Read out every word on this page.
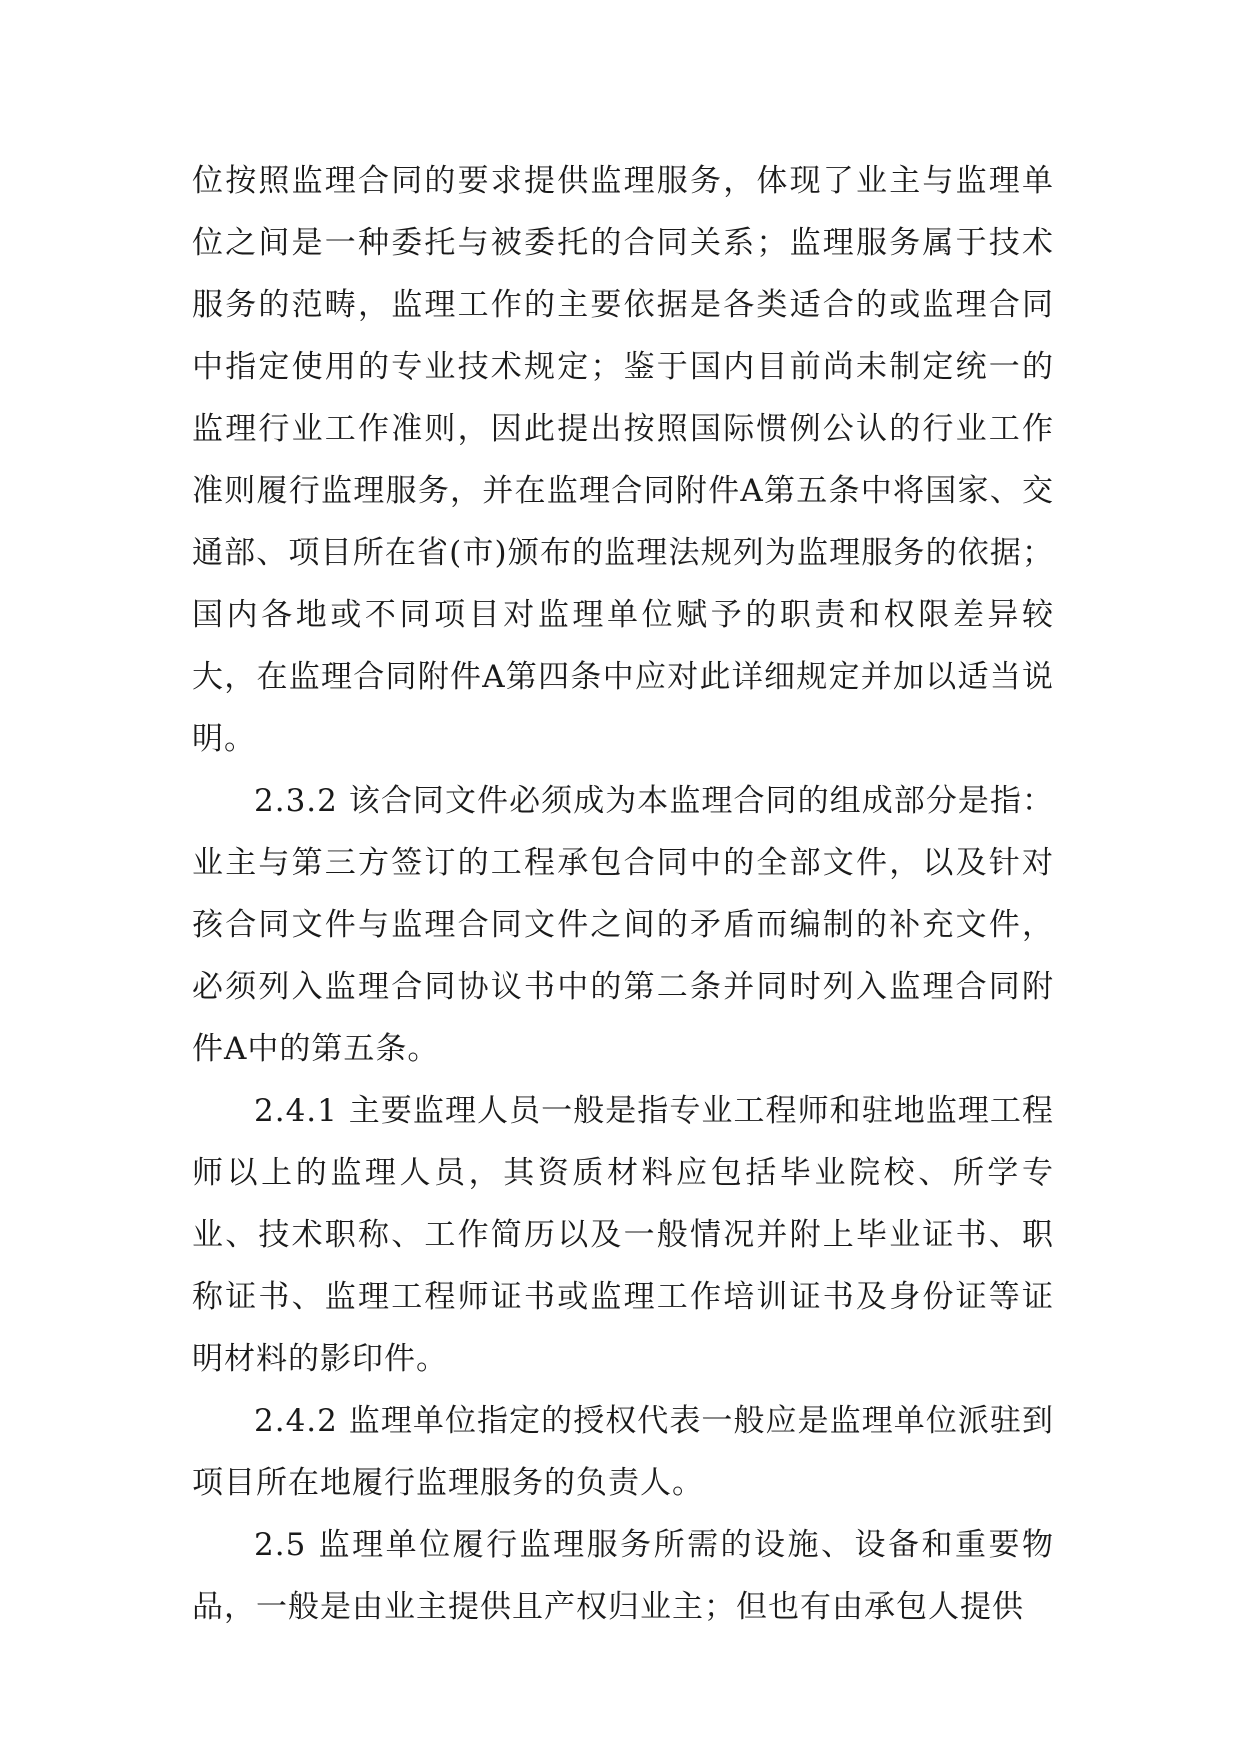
位按照监理合同的要求提供监理服务，体现了业主与监理单位之间是一种委托与被委托的合同关系；监理服务属于技术服务的范畴，监理工作的主要依据是各类适合的或监理合同中指定使用的专业技术规定；鉴于国内目前尚未制定统一的监理行业工作准则，因此提出按照国际惯例公认的行业工作准则履行监理服务，并在监理合同附件A第五条中将国家、交通部、项目所在省(市)颁布的监理法规列为监理服务的依据；国内各地或不同项目对监理单位赋予的职责和权限差异较大，在监理合同附件A第四条中应对此详细规定并加以适当说明。

2.3.2 该合同文件必须成为本监理合同的组成部分是指：业主与第三方签订的工程承包合同中的全部文件，以及针对孩合同文件与监理合同文件之间的矛盾而编制的补充文件，必须列入监理合同协议书中的第二条并同时列入监理合同附件A中的第五条。

2.4.1 主要监理人员一般是指专业工程师和驻地监理工程师以上的监理人员，其资质材料应包括毕业院校、所学专业、技术职称、工作简历以及一般情况并附上毕业证书、职称证书、监理工程师证书或监理工作培训证书及身份证等证明材料的影印件。

2.4.2 监理单位指定的授权代表一般应是监理单位派驻到项目所在地履行监理服务的负责人。

2.5 监理单位履行监理服务所需的设施、设备和重要物品，一般是由业主提供且产权归业主；但也有由承包人提供
